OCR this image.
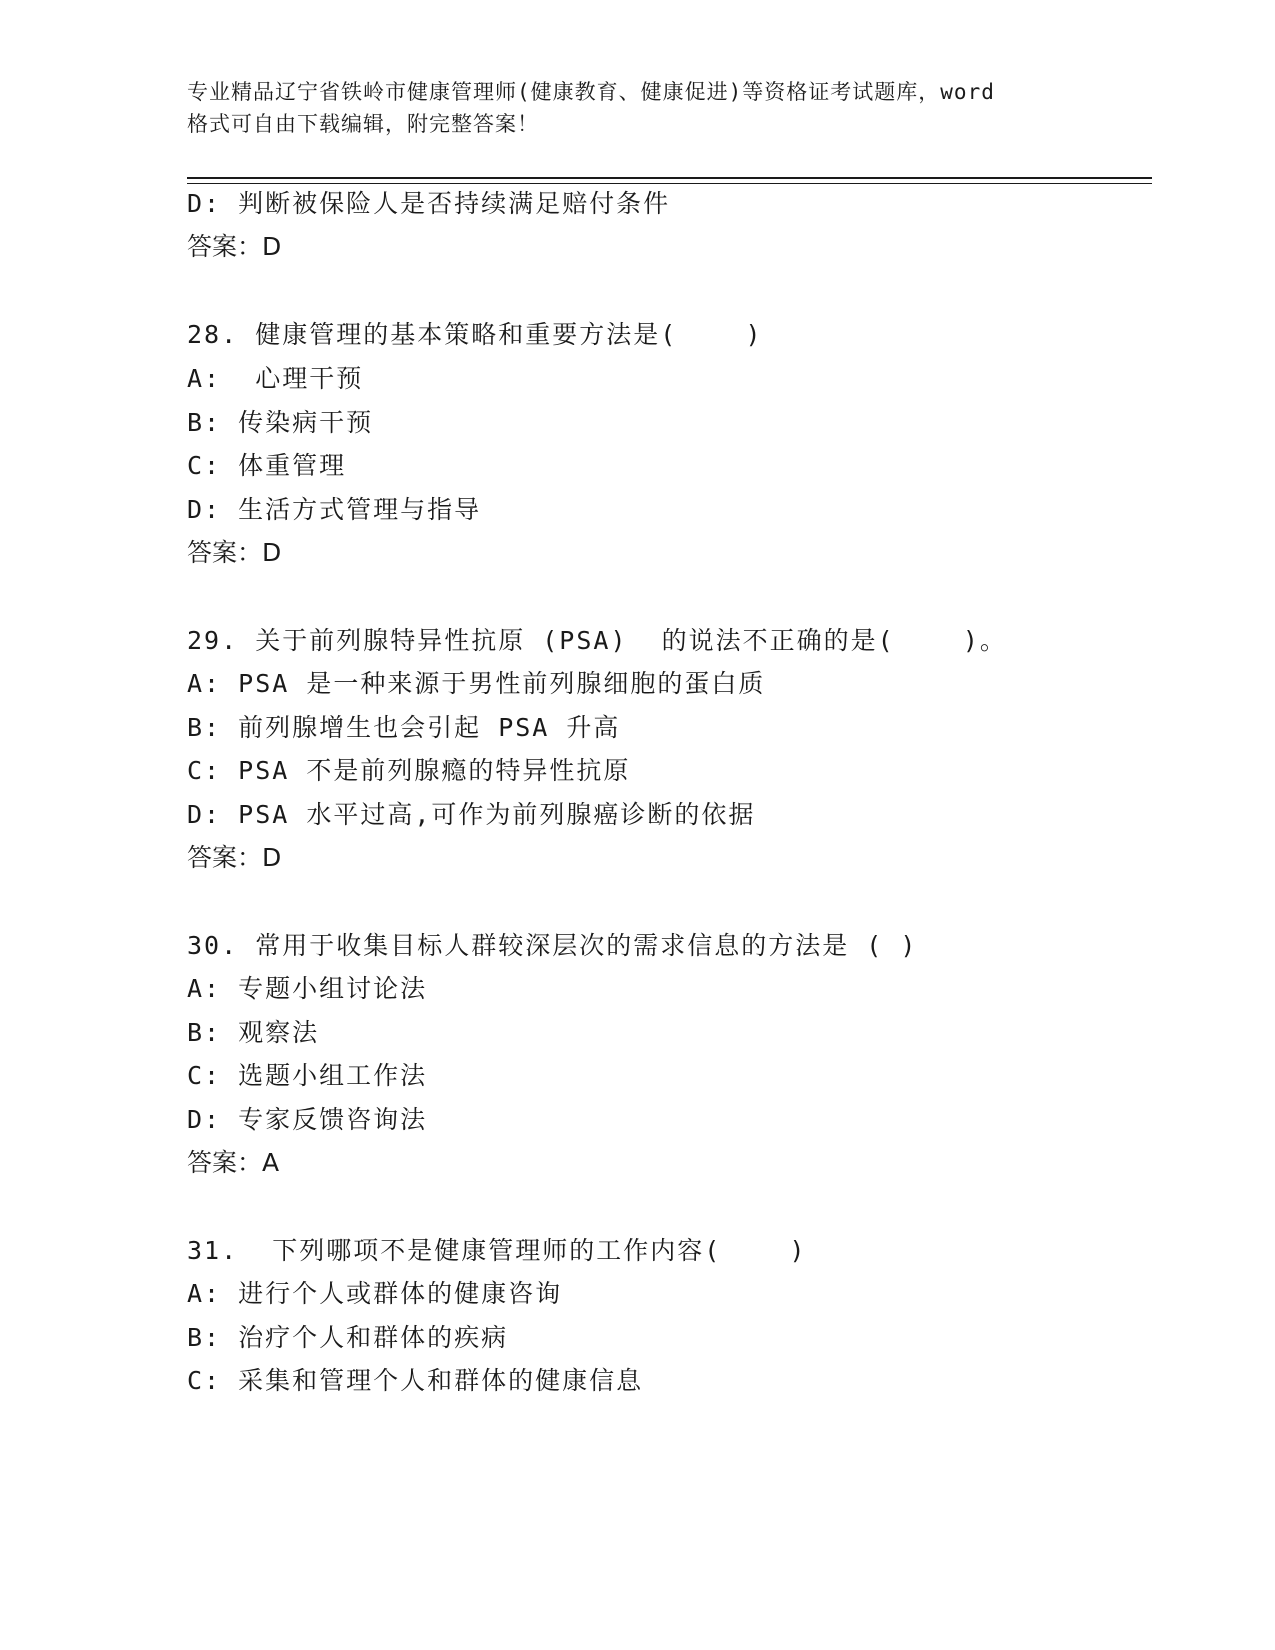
专业精品辽宁省铁岭市健康管理师(健康教育、健康促进)等资格证考试题库，word
格式可自由下载编辑，附完整答案！
D: 判断被保险人是否持续满足赔付条件
答案：D
28. 健康管理的基本策略和重要方法是(    )
A:  心理干预
B: 传染病干预
C: 体重管理
D: 生活方式管理与指导
答案：D
29. 关于前列腺特异性抗原 (PSA)  的说法不正确的是(    )。
A: PSA 是一种来源于男性前列腺细胞的蛋白质
B: 前列腺增生也会引起 PSA 升高
C: PSA 不是前列腺瘾的特异性抗原
D: PSA 水平过高,可作为前列腺癌诊断的依据
答案：D
30. 常用于收集目标人群较深层次的需求信息的方法是 ( )
A: 专题小组讨论法
B: 观察法
C: 选题小组工作法
D: 专家反馈咨询法
答案：A
31.  下列哪项不是健康管理师的工作内容(    )
A: 进行个人或群体的健康咨询
B: 治疗个人和群体的疾病
C: 采集和管理个人和群体的健康信息
